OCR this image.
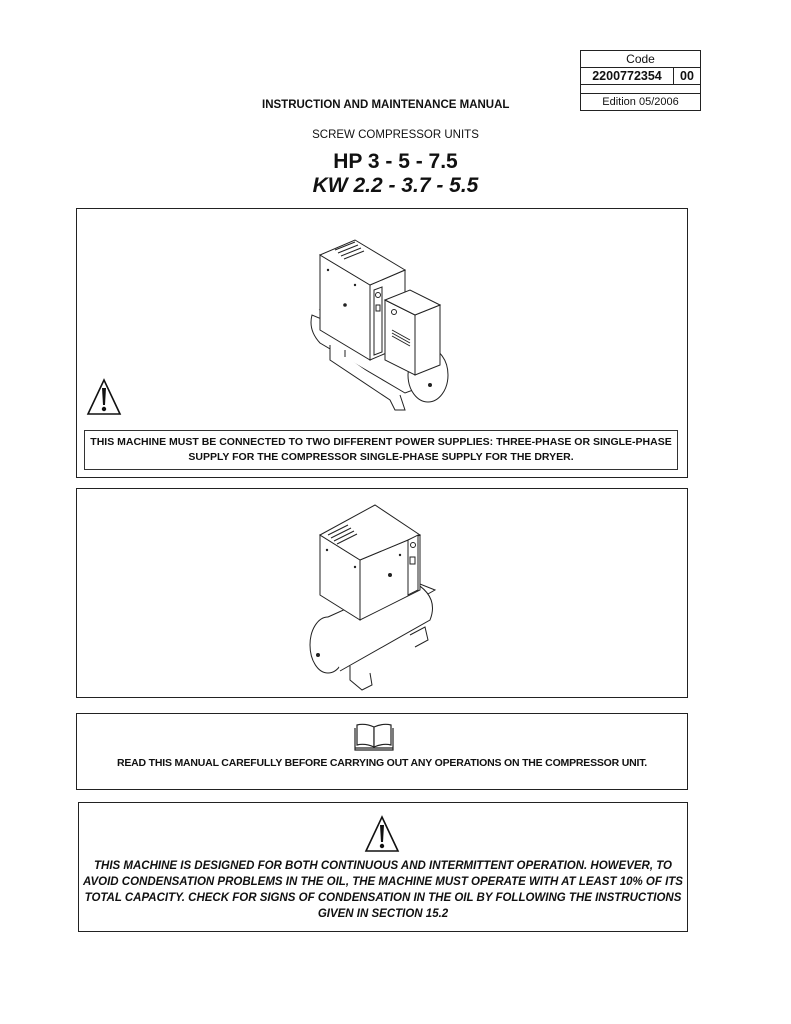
Code
2200772354	00
Edition 05/2006
INSTRUCTION AND MAINTENANCE MANUAL
SCREW COMPRESSOR UNITS
HP 3 - 5 - 7.5
KW 2.2 - 3.7 - 5.5
THIS MACHINE MUST BE CONNECTED TO TWO DIFFERENT POWER SUPPLIES: THREE-PHASE OR SINGLE-PHASE SUPPLY FOR THE COMPRESSOR SINGLE-PHASE SUPPLY FOR THE DRYER.
READ THIS MANUAL CAREFULLY BEFORE CARRYING OUT ANY OPERATIONS ON THE COMPRESSOR UNIT.
THIS MACHINE IS DESIGNED FOR BOTH CONTINUOUS AND INTERMITTENT OPERATION. HOWEVER, TO AVOID CONDENSATION PROBLEMS IN THE OIL, THE MACHINE MUST OPERATE WITH AT LEAST 10% OF ITS TOTAL CAPACITY. CHECK FOR SIGNS OF CONDENSATION IN THE OIL BY FOLLOWING THE INSTRUCTIONS GIVEN IN SECTION 15.2
